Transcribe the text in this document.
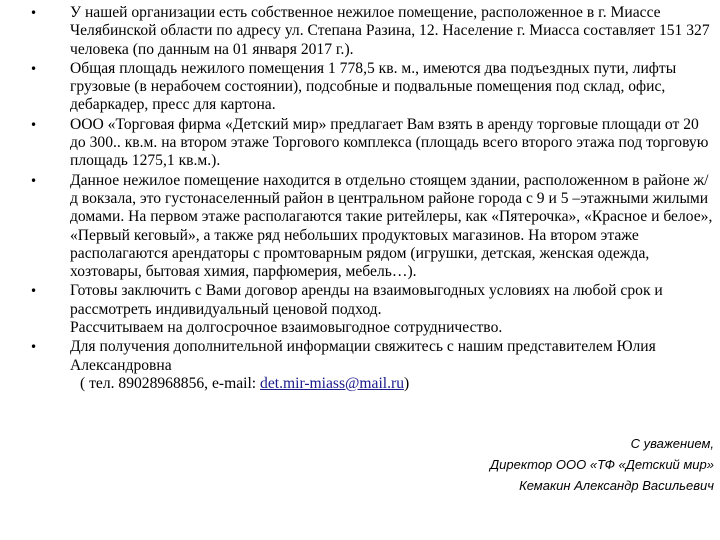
• У нашей организации есть собственное нежилое помещение, расположенное в г. Миассе Челябинской области по адресу ул. Степана Разина, 12. Население г. Миасса составляет 151 327 человека (по данным на 01 января 2017 г.).
• Общая площадь нежилого помещения 1 778,5 кв. м., имеются два подъездных пути, лифты грузовые (в нерабочем состоянии), подсобные и подвальные помещения под склад, офис, дебаркадер, пресс для картона.
• ООО «Торговая фирма «Детский мир» предлагает Вам взять в аренду торговые площади от 20 до 300.. кв.м. на втором этаже Торгового комплекса (площадь всего второго этажа под торговую площадь 1275,1 кв.м.).
• Данное нежилое помещение находится в отдельно стоящем здании, расположенном в районе ж/д вокзала, это густонаселенный район в центральном районе города с 9 и 5 –этажными жилыми домами. На первом этаже располагаются такие ритейлеры, как «Пятерочка», «Красное и белое», «Первый кеговый», а также ряд небольших продуктовых магазинов. На втором этаже располагаются арендаторы с промтоварным рядом (игрушки, детская, женская одежда, хозтовары, бытовая химия, парфюмерия, мебель…).
• Готовы заключить с Вами договор аренды на взаимовыгодных условиях на любой срок и рассмотреть индивидуальный ценовой подход.
Рассчитываем на долгосрочное взаимовыгодное сотрудничество.
• Для получения дополнительной информации свяжитесь с нашим представителем Юлия Александровна
( тел. 89028968856, e-mail: det.mir-miass@mail.ru)
С уважением,
Директор ООО «ТФ «Детский мир»
Кемакин Александр Васильевич
